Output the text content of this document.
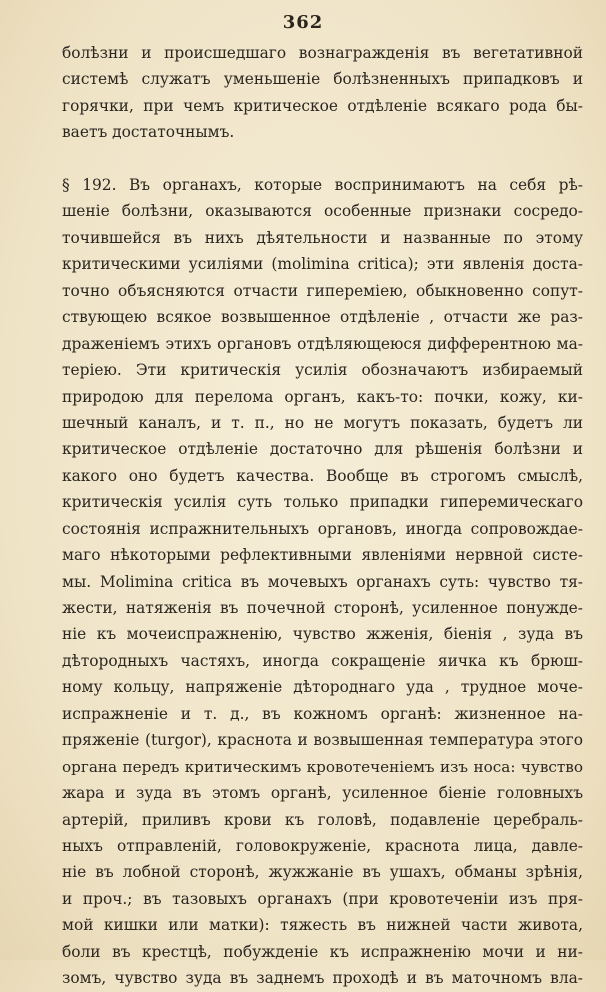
362
болѣзни и происшедшаго вознагражденія въ вегетативной
системѣ служатъ уменьшеніе болѣзненныхъ припадковъ и
горячки, при чемъ критическое отдѣленіе всякаго рода бы-
ваетъ достаточнымъ.
§ 192. Въ органахъ, которые воспринимаютъ на себя рѣ-
шеніе болѣзни, оказываются особенные признаки сосредо-
точившейся въ нихъ дѣятельности и названные по этому
критическими усиліями (molimina critica); эти явленія доста-
точно объясняются отчасти гипереміею, обыкновенно сопут-
ствующею всякое возвышенное отдѣленіе , отчасти же раз-
драженіемъ этихъ органовъ отдѣляющеюся дифферентною ма-
теріею. Эти критическія усилія обозначаютъ избираемый
природою для перелома органъ, какъ-то: почки, кожу, ки-
шечный каналъ, и т. п., но не могутъ показать, будетъ ли
критическое отдѣленіе достаточно для рѣшенія болѣзни и
какого оно будетъ качества. Вообще въ строгомъ смыслѣ,
критическія усилія суть только припадки гиперемическаго
состоянія испражнительныхъ органовъ, иногда сопровождае-
маго нѣкоторыми рефлективными явленіями нервной систе-
мы. Molimina critica въ мочевыхъ органахъ суть: чувство тя-
жести, натяженія въ почечной сторонѣ, усиленное понужде-
ніе къ мочеиспражненію, чувство жженія, біенія , зуда въ
дѣтородныхъ частяхъ, иногда сокращеніе яичка къ брюш-
ному кольцу, напряженіе дѣтороднаго уда , трудное моче-
испражненіе и т. д., въ кожномъ органѣ: жизненное на-
пряженіе (turgor), краснота и возвышенная температура этого
органа передъ критическимъ кровотеченіемъ изъ носа: чувство
жара и зуда въ этомъ органѣ, усиленное біеніе головныхъ
артерій, приливъ крови къ головѣ, подавленіе церебраль-
ныхъ отправленій, головокруженіе, краснота лица, давле-
ніе въ лобной сторонѣ, жужжаніе въ ушахъ, обманы зрѣнія,
и проч.; въ тазовыхъ органахъ (при кровотеченіи изъ пря-
мой кишки или матки): тяжесть въ нижней части живота,
боли въ крестцѣ, побужденіе къ испражненію мочи и ни-
зомъ, чувство зуда въ заднемъ проходѣ и въ маточномъ вла-
